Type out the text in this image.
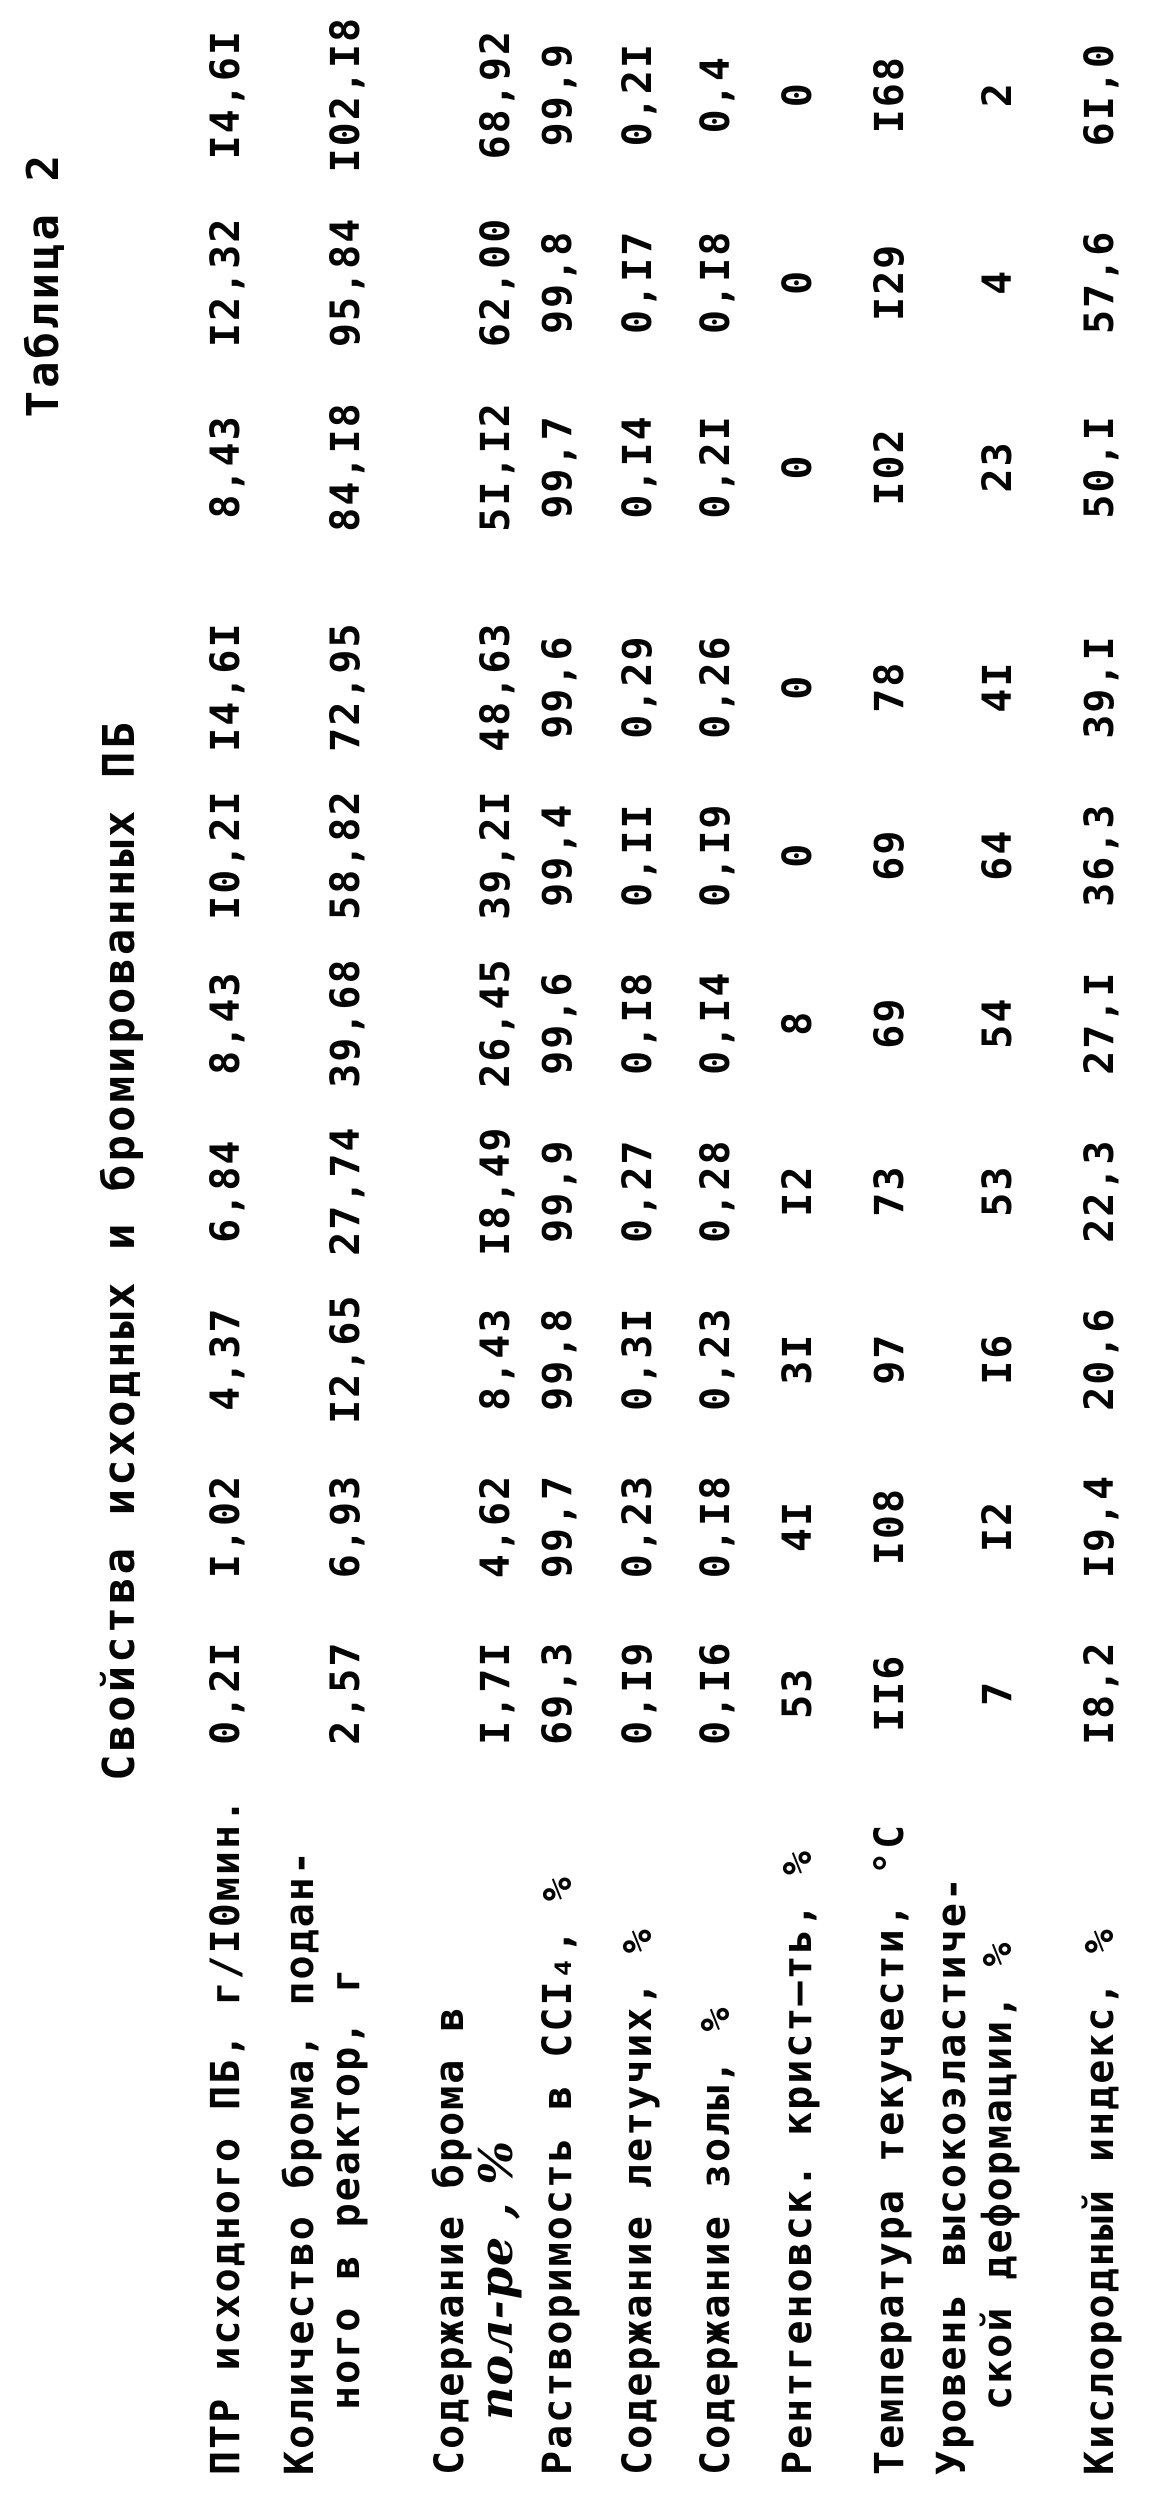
Таблица 2
Свойства исходных и бромированных ПБ
ПТР исходного ПБ, г/I0мин.	0,2I	I,02	4,37	6,84	8,43	I0,2I	I4,6I	8,43	I2,32	I4,6I

Количество брома, подан- ного в реактор, г	2,57	6,93	I2,65	27,74	39,68	58,82	72,95	84,I8	95,84	I02,I8

Содержание брома в
пол-ре , %	I,7I	4,62	8,43	I8,49	26,45	39,2I	48,63	5I,I2	62,00	68,92

Растворимость в CCI₄, %	69,3	99,7	99,8	99,9	99,6	99,4	99,6	99,7	99,8	99,9

Содержание летучих, %	0,I9	0,23	0,3I	0,27	0,I8	0,II	0,29	0,I4	0,I7	0,2I

Содержание золы, %	0,I6	0,I8	0,23	0,28	0,I4	0,I9	0,26	0,2I	0,I8	0,4

Рентгеновск. крист—ть, %	53	4I	3I	I2	8	0	0	0	0	0

Температура текучести, °С	II6	I08	97	73	69	69	78	I02	I29	I68

Уровень высокоэластиче- ской деформации, %	7	I2	I6	53	54	64	4I	23	4	2

Кислородный индекс, %	I8,2	I9,4	20,6	22,3	27,I	36,3	39,I	50,I	57,6	6I,0
